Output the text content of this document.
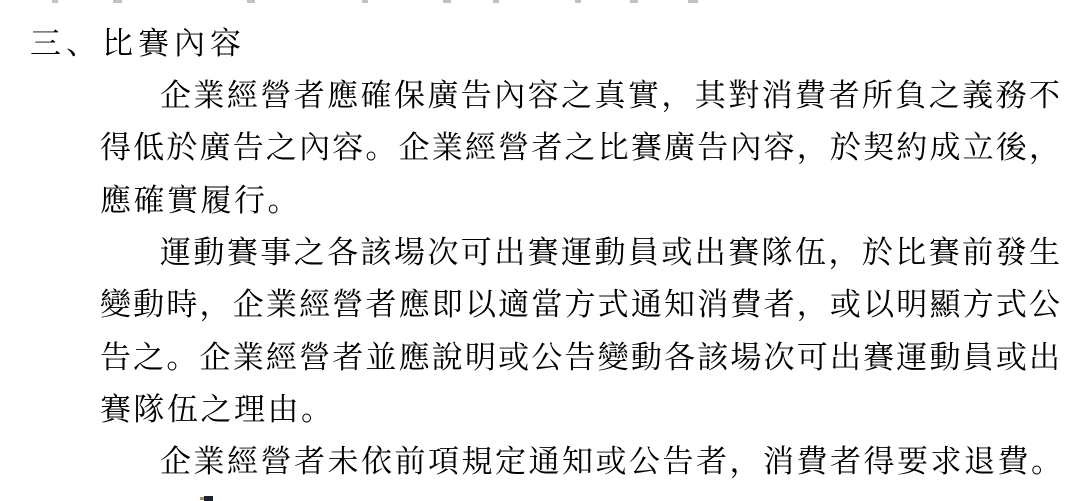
三、比賽內容
企業經營者應確保廣告內容之真實，其對消費者所負之義務不
得低於廣告之內容。企業經營者之比賽廣告內容，於契約成立後，
應確實履行。
運動賽事之各該場次可出賽運動員或出賽隊伍，於比賽前發生
變動時，企業經營者應即以適當方式通知消費者，或以明顯方式公
告之。企業經營者並應說明或公告變動各該場次可出賽運動員或出
賽隊伍之理由。
企業經營者未依前項規定通知或公告者，消費者得要求退費。
